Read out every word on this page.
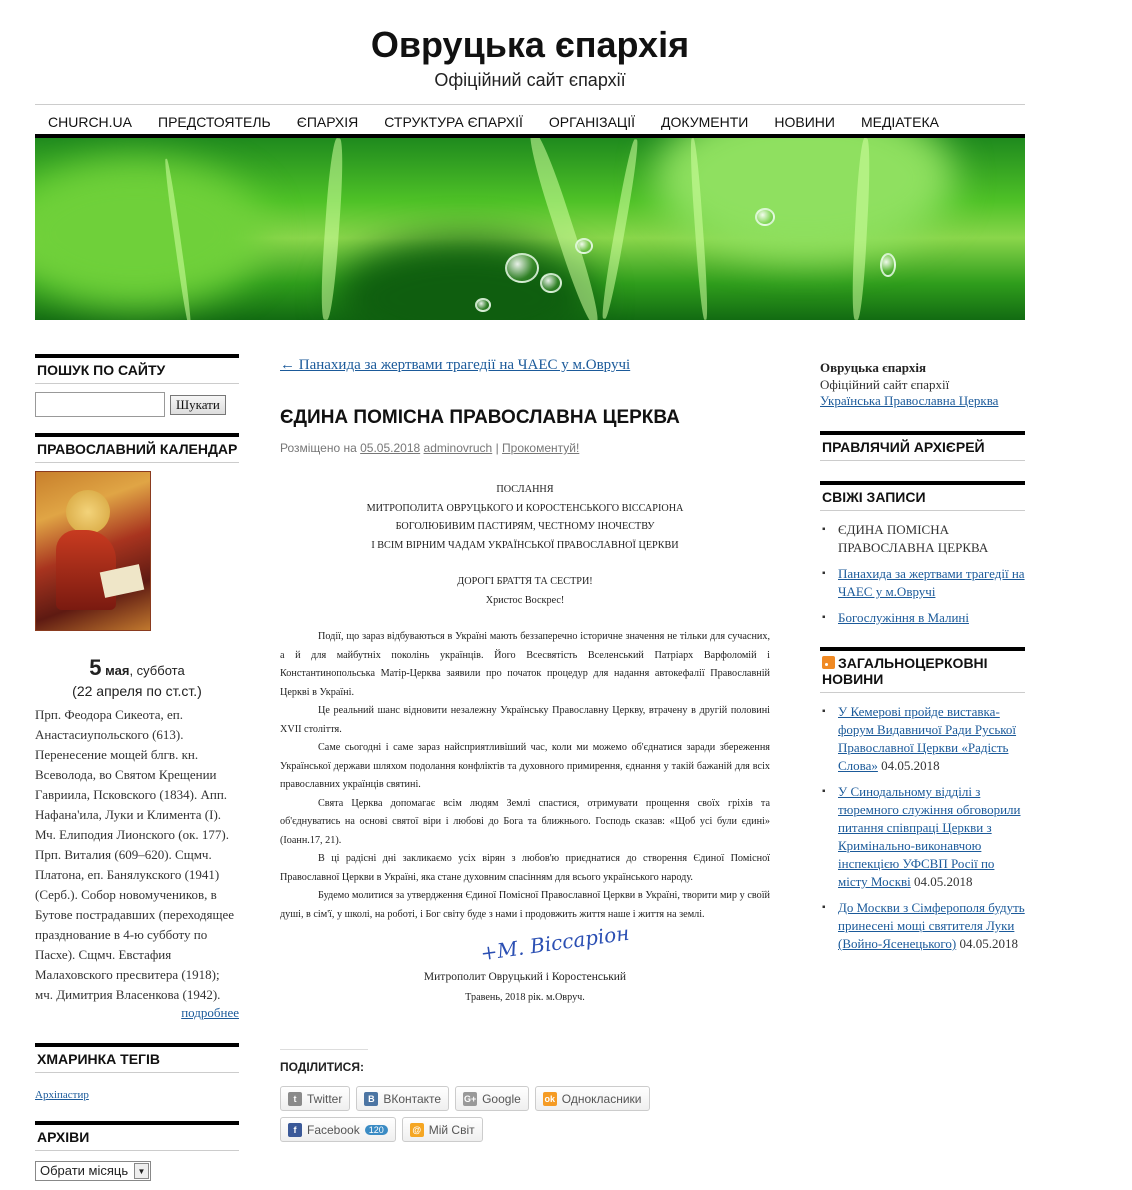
Овруцька єпархія
Офіційний сайт єпархії
CHURCH.UA	ПРЕДСТОЯТЕЛЬ	ЄПАРХІЯ	СТРУКТУРА ЄПАРХІЇ	ОРГАНІЗАЦІЇ	ДОКУМЕНТИ	НОВИНИ	МЕДІАТЕКА
ПОШУК ПО САЙТУ
Шукати
ПРАВОСЛАВНИЙ КАЛЕНДАР
5 мая, суббота
(22 апреля по ст.ст.)
Прп. Феодора Сикеота, еп. Анастасиупольского (613). Перенесение мощей блгв. кн. Всеволода, во Святом Крещении Гавриила, Псковского (1834). Апп. Нафана'ила, Луки и Климента (I). Мч. Елиподия Лионского (ок. 177). Прп. Виталия (609–620). Сщмч. Платона, еп. Банялукского (1941) (Серб.). Собор новомучеников, в Бутове пострадавших (переходящее празднование в 4-ю субботу по Пасхе). Сщмч. Евстафия Малаховского пресвитера (1918); мч. Димитрия Власенкова (1942).
подробнее
ХМАРИНКА ТЕГІВ
Архіпастир
АРХІВИ
Обрати місяць	▼
← Панахида за жертвами трагедії на ЧАЕС у м.Овручі
ЄДИНА ПОМІСНА ПРАВОСЛАВНА ЦЕРКВА
Розміщено на 05.05.2018 adminovruch | Прокоментуй!
ПОСЛАННЯ
МИТРОПОЛИТА ОВРУЦЬКОГО И КОРОСТЕНСЬКОГО ВІССАРІОНА
БОГОЛЮБИВИМ ПАСТИРЯМ, ЧЕСТНОМУ ІНОЧЕСТВУ
І ВСІМ ВІРНИМ ЧАДАМ УКРАЇНСЬКОЇ ПРАВОСЛАВНОЇ ЦЕРКВИ
ДОРОГІ БРАТТЯ ТА СЕСТРИ!
Христос Воскрес!

Події, що зараз відбуваються в Україні мають беззаперечно історичне значення не тільки для сучасних, а й для майбутніх поколінь українців. Його Всесвятість Вселенський Патріарх Варфоломій і Константинопольська Матір-Церква заявили про початок процедур для надання автокефалії Православній Церкві в Україні.

Це реальний шанс відновити незалежну Українську Православну Церкву, втрачену в другій половині XVII століття.

Саме сьогодні і саме зараз найсприятливіший час, коли ми можемо об'єднатися заради збереження Української держави шляхом подолання конфліктів та духовного примирення, єднання у такій бажаній для всіх православних українців святині.

Свята Церква допомагає всім людям Землі спастися, отримувати прощення своїх гріхів та об'єднуватись на основі святої віри і любові до Бога та ближнього. Господь сказав: «Щоб усі були єдині» (Іоанн.17, 21).

В ці радісні дні закликаємо усіх вірян з любов'ю приєднатися до створення Єдиної Помісної Православної Церкви в Україні, яка стане духовним спасінням для всього українського народу.

Будемо молитися за утвердження Єдиної Помісної Православної Церкви в Україні, творити мир у своїй душі, в сім'ї, у школі, на роботі, і Бог світу буде з нами і продовжить життя наше і життя на землі.

+М. Віссаріон
Митрополит Овруцький і Коростенський
Травень, 2018 рік. м.Овруч.
ПОДІЛИТИСЯ:
t Twitter	B ВКонтакте	G+ Google	ok Однокласники
f Facebook	120	@ Мій Світ
Овруцька єпархія
Офіційний сайт єпархії
Українська Православна Церква
ПРАВЛЯЧИЙ АРХІЄРЕЙ
СВІЖІ ЗАПИСИ
▪ ЄДИНА ПОМІСНА ПРАВОСЛАВНА ЦЕРКВА
▪ Панахида за жертвами трагедії на ЧАЕС у м.Овручі
▪ Богослужіння в Малині
ЗАГАЛЬНОЦЕРКОВНІ НОВИНИ
▪ У Кемерові пройде виставка-форум Видавничої Ради Руської Православної Церкви «Радість Слова» 04.05.2018
▪ У Синодальному відділі з тюремного служіння обговорили питання співпраці Церкви з Кримінально-виконавчою інспекцією УФСВП Росії по місту Москві 04.05.2018
▪ До Москви з Сімферополя будуть принесені мощі святителя Луки (Войно-Ясенецького) 04.05.2018
